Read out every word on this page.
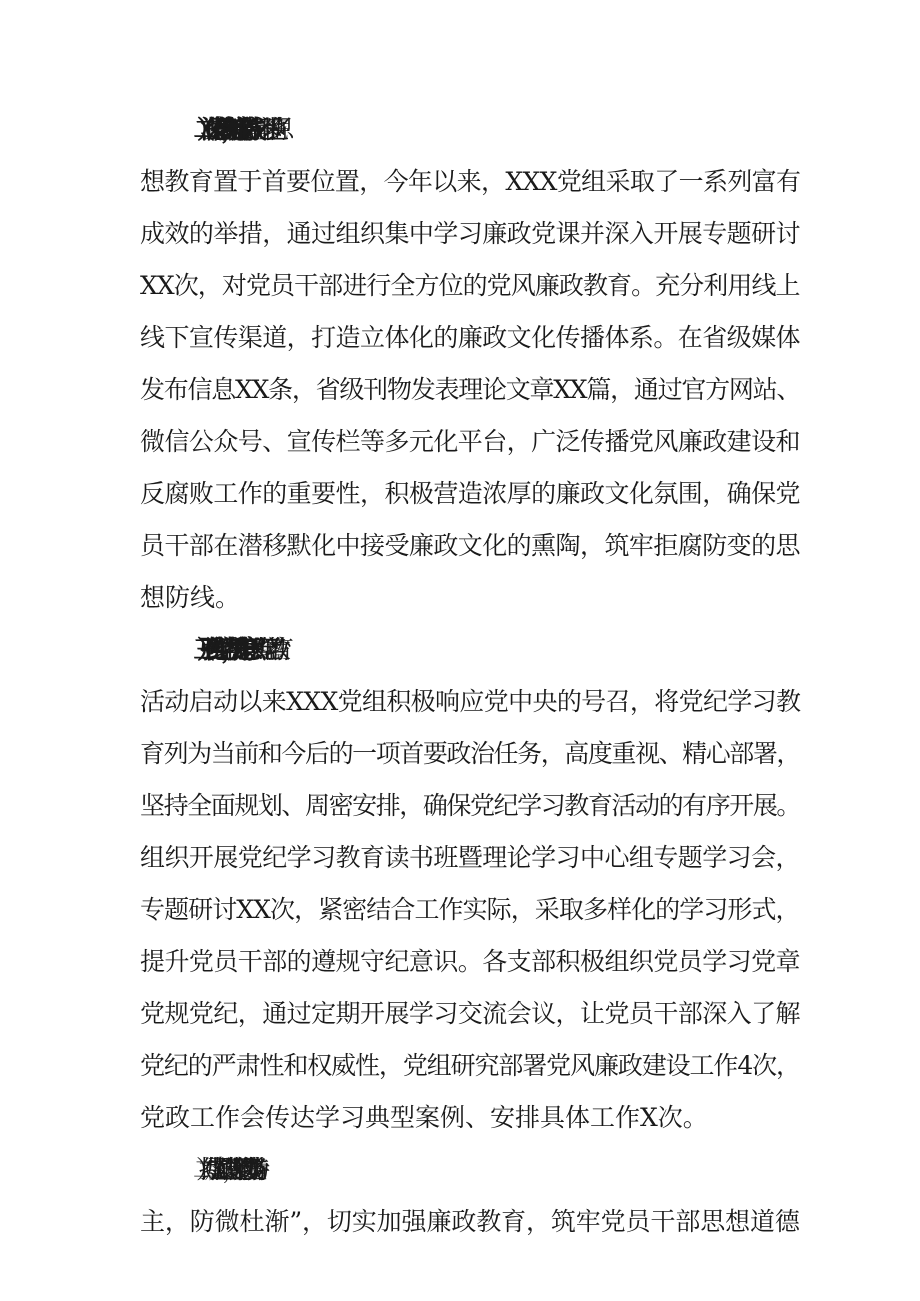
（二）深化思想教育，筑牢廉洁防线。坚定不移地将思
想教育置于首要位置，今年以来，XXX党组采取了一系列富有
成效的举措，通过组织集中学习廉政党课并深入开展专题研讨
XX次，对党员干部进行全方位的党风廉政教育。充分利用线上
线下宣传渠道，打造立体化的廉政文化传播体系。在省级媒体
发布信息XX条，省级刊物发表理论文章XX篇，通过官方网站、
微信公众号、宣传栏等多元化平台，广泛传播党风廉政建设和
反腐败工作的重要性，积极营造浓厚的廉政文化氛围，确保党
员干部在潜移默化中接受廉政文化的熏陶，筑牢拒腐防变的思
想防线。
（三）强化党纪学习，提升守纪意识。自党纪学习教育
活动启动以来XXX党组积极响应党中央的号召，将党纪学习教
育列为当前和今后的一项首要政治任务，高度重视、精心部署，
坚持全面规划、周密安排，确保党纪学习教育活动的有序开展。
组织开展党纪学习教育读书班暨理论学习中心组专题学习会，
专题研讨XX次，紧密结合工作实际，采取多样化的学习形式，
提升党员干部的遵规守纪意识。各支部积极组织党员学习党章
党规党纪，通过定期开展学习交流会议，让党员干部深入了解
党纪的严肃性和权威性，党组研究部署党风廉政建设工作4次，
党政工作会传达学习典型案例、安排具体工作X次。
（二）持续加强思想建设，筑牢拒腐防线坚持“预防为
主，防微杜渐”，切实加强廉政教育，筑牢党员干部思想道德
